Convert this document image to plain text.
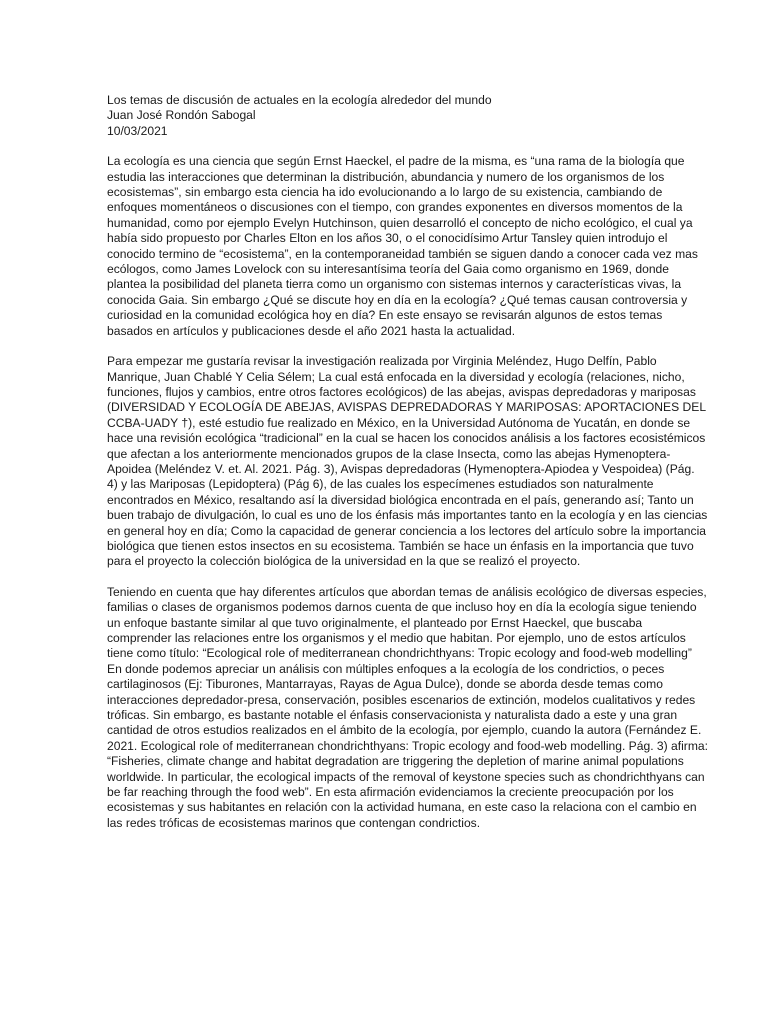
Los temas de discusión de actuales en la ecología alrededor del mundo

Juan José Rondón Sabogal

10/03/2021

La ecología es una ciencia que según Ernst Haeckel, el padre de la misma, es “una rama de la biología que estudia las interacciones que determinan la distribución, abundancia y numero de los organismos de los ecosistemas”, sin embargo esta ciencia ha ido evolucionando a lo largo de su existencia, cambiando de enfoques momentáneos o discusiones con el tiempo, con grandes exponentes en diversos momentos de la humanidad, como por ejemplo Evelyn Hutchinson, quien desarrolló el concepto de nicho ecológico, el cual ya había sido propuesto por Charles Elton en los años 30, o el conocidísimo Artur Tansley quien introdujo el conocido termino de “ecosistema”, en la contemporaneidad también se siguen dando a conocer cada vez mas ecólogos, como James Lovelock con su interesantísima teoría del Gaia como organismo en 1969, donde plantea la posibilidad del planeta tierra como un organismo con sistemas internos y características vivas, la conocida Gaia. Sin embargo ¿Qué se discute hoy en día en la ecología? ¿Qué temas causan controversia y curiosidad en la comunidad ecológica hoy en día? En este ensayo se revisarán algunos de estos temas basados en artículos y publicaciones desde el año 2021 hasta la actualidad.

Para empezar me gustaría revisar la investigación realizada por Virginia Meléndez, Hugo Delfín, Pablo Manrique, Juan Chablé Y Celia Sélem; La cual está enfocada en la diversidad y ecología (relaciones, nicho, funciones, flujos y cambios, entre otros factores ecológicos) de las abejas, avispas depredadoras y mariposas (DIVERSIDAD Y ECOLOGÍA DE ABEJAS, AVISPAS DEPREDADORAS Y MARIPOSAS: APORTACIONES DEL CCBA-UADY †), esté estudio fue realizado en México, en la Universidad Autónoma de Yucatán, en donde se hace una revisión ecológica “tradicional” en la cual se hacen los conocidos análisis a los factores ecosistémicos que afectan a los anteriormente mencionados grupos de la clase Insecta, como las abejas Hymenoptera-Apoidea (Meléndez V. et. Al. 2021. Pág. 3), Avispas depredadoras (Hymenoptera-Apiodea y Vespoidea) (Pág. 4) y las Mariposas (Lepidoptera) (Pág 6), de las cuales los especímenes estudiados son naturalmente encontrados en México, resaltando así la diversidad biológica encontrada en el país, generando así; Tanto un buen trabajo de divulgación, lo cual es uno de los énfasis más importantes tanto en la ecología y en las ciencias en general hoy en día; Como la capacidad de generar conciencia a los lectores del artículo sobre la importancia biológica que tienen estos insectos en su ecosistema. También se hace un énfasis en la importancia que tuvo para el proyecto la colección biológica de la universidad en la que se realizó el proyecto.

Teniendo en cuenta que hay diferentes artículos que abordan temas de análisis ecológico de diversas especies, familias o clases de organismos podemos darnos cuenta de que incluso hoy en día la ecología sigue teniendo un enfoque bastante similar al que tuvo originalmente, el planteado por Ernst Haeckel, que buscaba comprender las relaciones entre los organismos y el medio que habitan. Por ejemplo, uno de estos artículos tiene como título: “Ecological role of mediterranean chondrichthyans: Tropic ecology and food-web modelling” En donde podemos apreciar un análisis con múltiples enfoques a la ecología de los condrictios, o peces cartilaginosos (Ej: Tiburones, Mantarrayas, Rayas de Agua Dulce), donde se aborda desde temas como interacciones depredador-presa, conservación, posibles escenarios de extinción, modelos cualitativos y redes tróficas. Sin embargo, es bastante notable el énfasis conservacionista y naturalista dado a este y una gran cantidad de otros estudios realizados en el ámbito de la ecología, por ejemplo, cuando la autora (Fernández E. 2021. Ecological role of mediterranean chondrichthyans: Tropic ecology and food-web modelling. Pág. 3) afirma: “Fisheries, climate change and habitat degradation are triggering the depletion of marine animal populations worldwide. In particular, the ecological impacts of the removal of keystone species such as chondrichthyans can be far reaching through the food web”. En esta afirmación evidenciamos la creciente preocupación por los ecosistemas y sus habitantes en relación con la actividad humana, en este caso la relaciona con el cambio en las redes tróficas de ecosistemas marinos que contengan condrictios.
